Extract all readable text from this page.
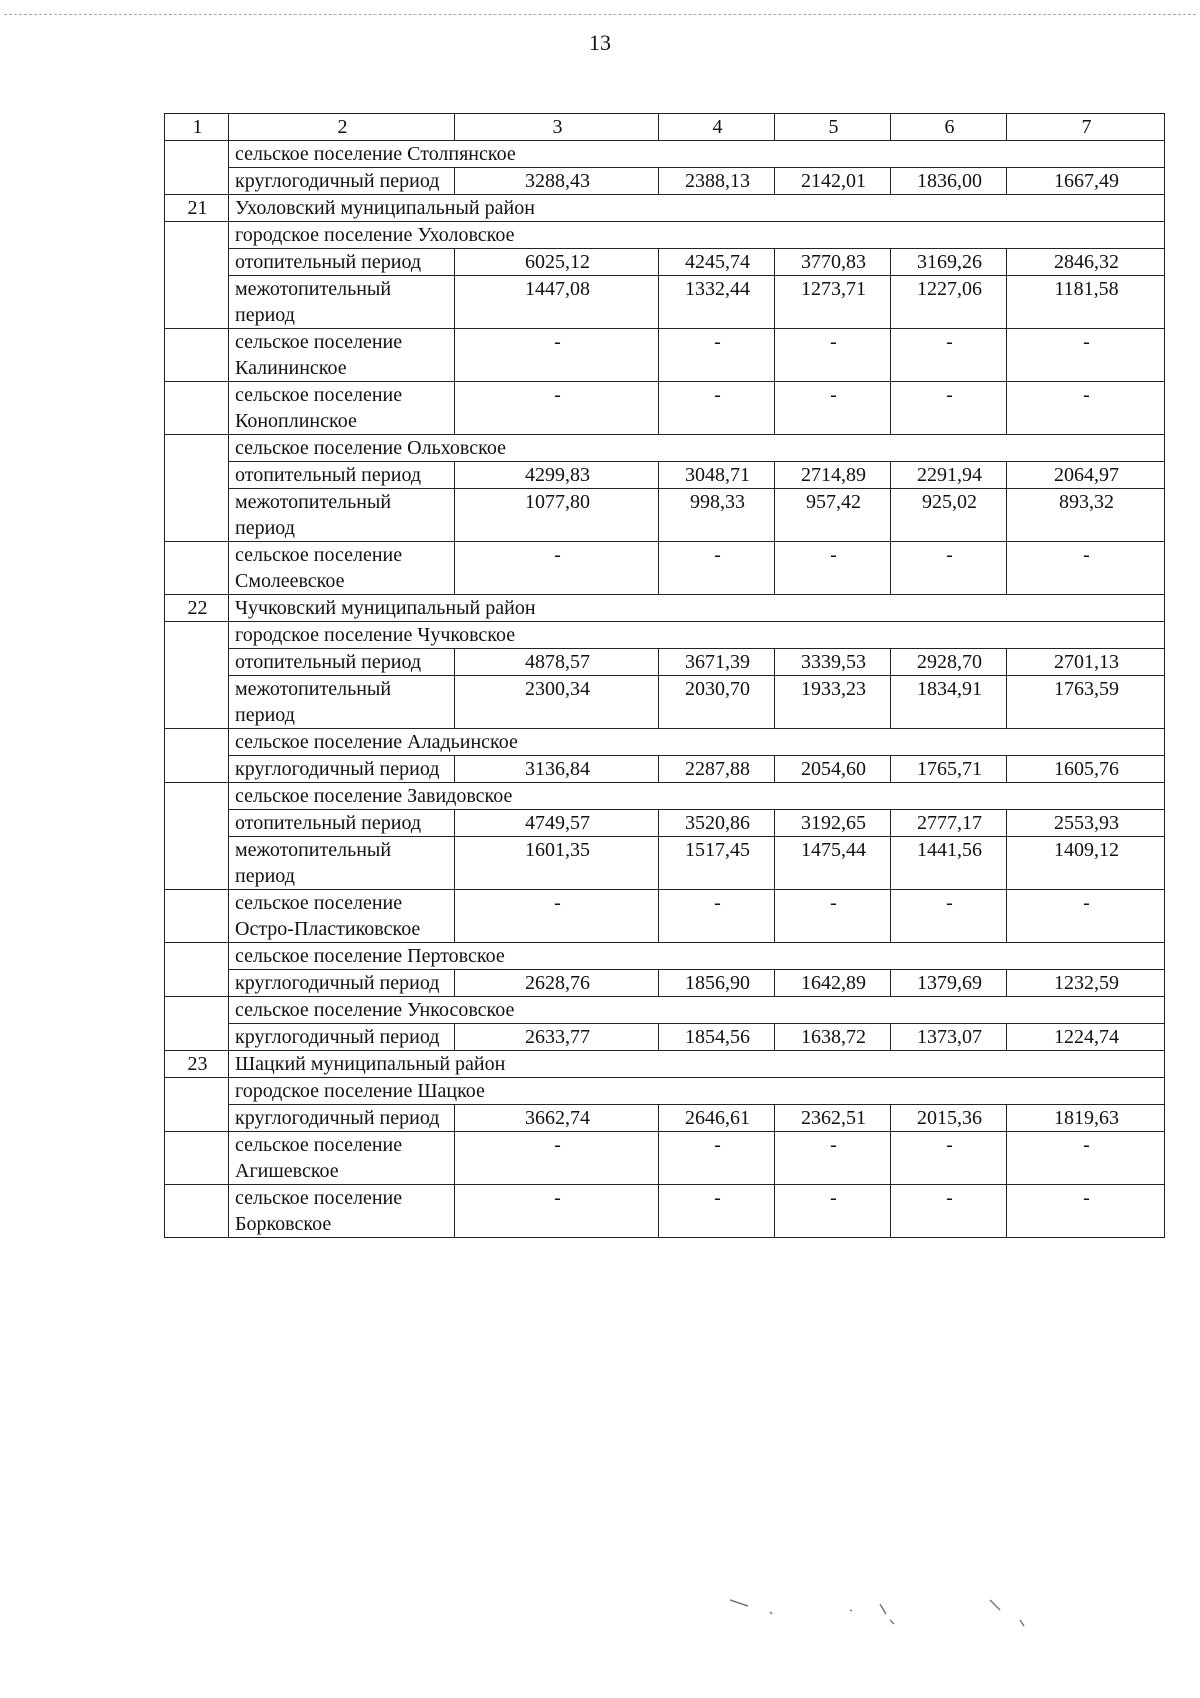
13
1	2	3	4	5	6	7
	сельское поселение Столпянское					
	круглогодичный период	3288,43	2388,13	2142,01	1836,00	1667,49
21	Ухоловский муниципальный район					
	городское поселение Ухоловское					
	отопительный период	6025,12	4245,74	3770,83	3169,26	2846,32
	межотопительный период	1447,08	1332,44	1273,71	1227,06	1181,58
	сельское поселение Калининское	-	-	-	-	-
	сельское поселение Коноплинское	-	-	-	-	-
	сельское поселение Ольховское					
	отопительный период	4299,83	3048,71	2714,89	2291,94	2064,97
	межотопительный период	1077,80	998,33	957,42	925,02	893,32
	сельское поселение Смолеевское	-	-	-	-	-
22	Чучковский муниципальный район					
	городское поселение Чучковское					
	отопительный период	4878,57	3671,39	3339,53	2928,70	2701,13
	межотопительный период	2300,34	2030,70	1933,23	1834,91	1763,59
	сельское поселение Аладьинское					
	круглогодичный период	3136,84	2287,88	2054,60	1765,71	1605,76
	сельское поселение Завидовское					
	отопительный период	4749,57	3520,86	3192,65	2777,17	2553,93
	межотопительный период	1601,35	1517,45	1475,44	1441,56	1409,12
	сельское поселение Остро-Пластиковское	-	-	-	-	-
	сельское поселение Пертовское					
	круглогодичный период	2628,76	1856,90	1642,89	1379,69	1232,59
	сельское поселение Ункосовское					
	круглогодичный период	2633,77	1854,56	1638,72	1373,07	1224,74
23	Шацкий муниципальный район					
	городское поселение Шацкое					
	круглогодичный период	3662,74	2646,61	2362,51	2015,36	1819,63
	сельское поселение Агишевское	-	-	-	-	-
	сельское поселение Борковское	-	-	-	-	-
